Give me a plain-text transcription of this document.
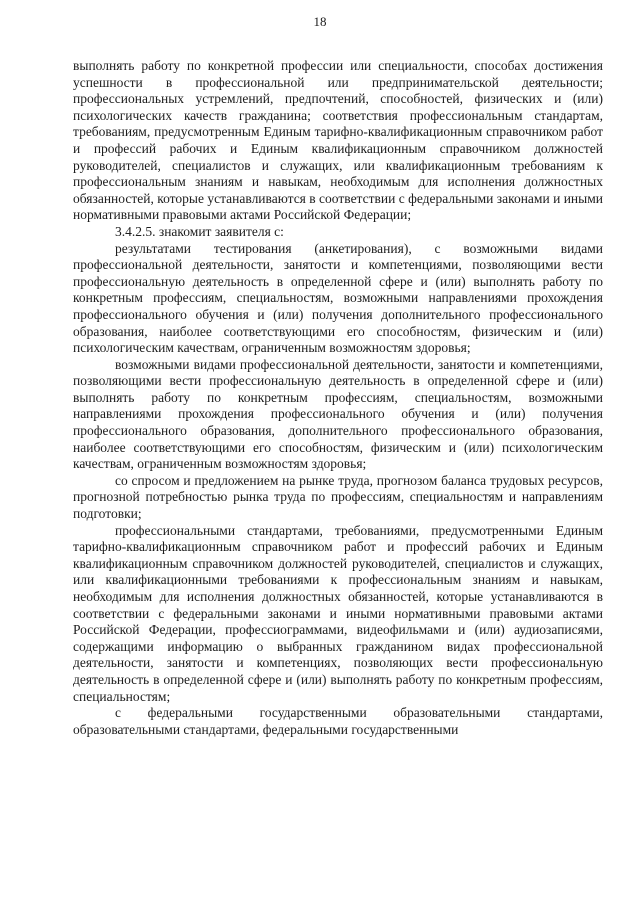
18

выполнять работу по конкретной профессии или специальности, способах достижения успешности в профессиональной или предпринимательской деятельности; профессиональных устремлений, предпочтений, способностей, физических и (или) психологических качеств гражданина; соответствия профессиональным стандартам, требованиям, предусмотренным Единым тарифно-квалификационным справочником работ и профессий рабочих и Единым квалификационным справочником должностей руководителей, специалистов и служащих, или квалификационным требованиям к профессиональным знаниям и навыкам, необходимым для исполнения должностных обязанностей, которые устанавливаются в соответствии с федеральными законами и иными нормативными правовыми актами Российской Федерации;

3.4.2.5. знакомит заявителя с:

результатами тестирования (анкетирования), с возможными видами профессиональной деятельности, занятости и компетенциями, позволяющими вести профессиональную деятельность в определенной сфере и (или) выполнять работу по конкретным профессиям, специальностям, возможными направлениями прохождения профессионального обучения и (или) получения дополнительного профессионального образования, наиболее соответствующими его способностям, физическим и (или) психологическим качествам, ограниченным возможностям здоровья;

возможными видами профессиональной деятельности, занятости и компетенциями, позволяющими вести профессиональную деятельность в определенной сфере и (или) выполнять работу по конкретным профессиям, специальностям, возможными направлениями прохождения профессионального обучения и (или) получения профессионального образования, дополнительного профессионального образования, наиболее соответствующими его способностям, физическим и (или) психологическим качествам, ограниченным возможностям здоровья;

со спросом и предложением на рынке труда, прогнозом баланса трудовых ресурсов, прогнозной потребностью рынка труда по профессиям, специальностям и направлениям подготовки;

профессиональными стандартами, требованиями, предусмотренными Единым тарифно-квалификационным справочником работ и профессий рабочих и Единым квалификационным справочником должностей руководителей, специалистов и служащих, или квалификационными требованиями к профессиональным знаниям и навыкам, необходимым для исполнения должностных обязанностей, которые устанавливаются в соответствии с федеральными законами и иными нормативными правовыми актами Российской Федерации, профессиограммами, видеофильмами и (или) аудиозаписями, содержащими информацию о выбранных гражданином видах профессиональной деятельности, занятости и компетенциях, позволяющих вести профессиональную деятельность в определенной сфере и (или) выполнять работу по конкретным профессиям, специальностям;

с федеральными государственными образовательными стандартами, образовательными стандартами, федеральными государственными
